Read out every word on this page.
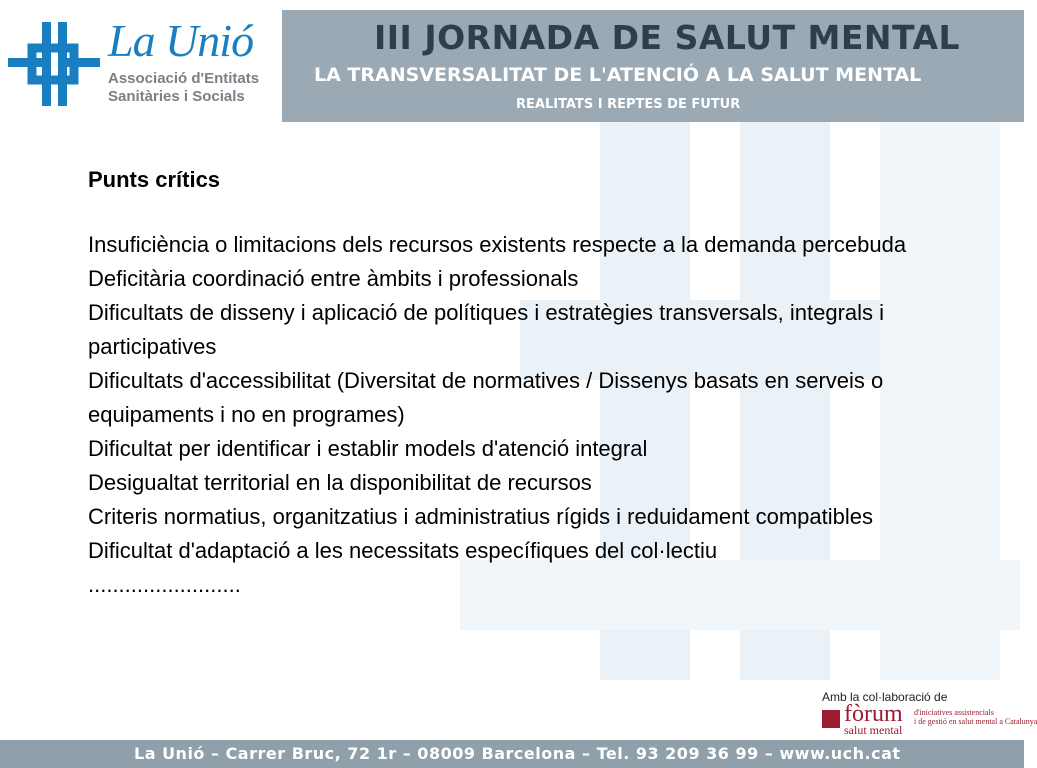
La Unió
Associació d'Entitats
Sanitàries i Socials
III JORNADA DE SALUT MENTAL
LA TRANSVERSALITAT DE L'ATENCIÓ A LA SALUT MENTAL
REALITATS I REPTES DE FUTUR

Punts crítics

Insuficiència o limitacions dels recursos existents respecte a la demanda percebuda

Deficitària coordinació entre àmbits i professionals

Dificultats de disseny i aplicació de polítiques i estratègies transversals, integrals i participatives

Dificultats d'accessibilitat (Diversitat de normatives / Dissenys basats en serveis o equipaments i no en programes)

Dificultat per identificar i establir models d'atenció integral

Desigualtat territorial en la disponibilitat de recursos

Criteris normatius, organitzatius i administratius rígids i reduidament compatibles

Dificultat d'adaptació a les necessitats específiques del col·lectiu

.........................

Amb la col·laboració de
fòrum
salut mental
d'iniciatives assistencials
i de gestió en salut mental a Catalunya
La Unió – Carrer Bruc, 72 1r – 08009 Barcelona – Tel. 93 209 36 99 – www.uch.cat
